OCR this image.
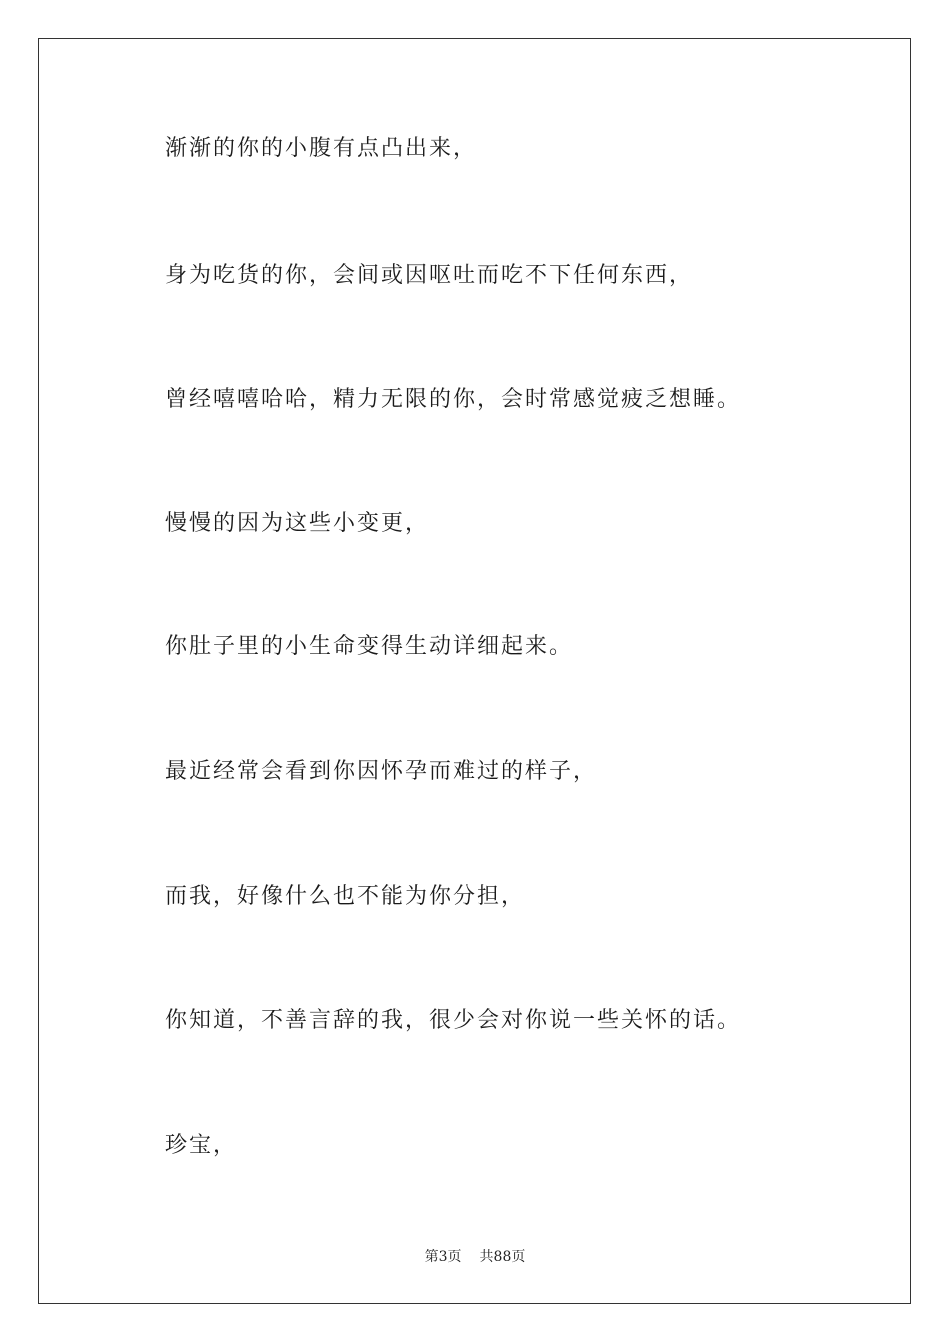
渐渐的你的小腹有点凸出来，
身为吃货的你，会间或因呕吐而吃不下任何东西，
曾经嘻嘻哈哈，精力无限的你，会时常感觉疲乏想睡。
慢慢的因为这些小变更，
你肚子里的小生命变得生动详细起来。
最近经常会看到你因怀孕而难过的样子，
而我，好像什么也不能为你分担，
你知道，不善言辞的我，很少会对你说一些关怀的话。
珍宝，
第3页 共88页
